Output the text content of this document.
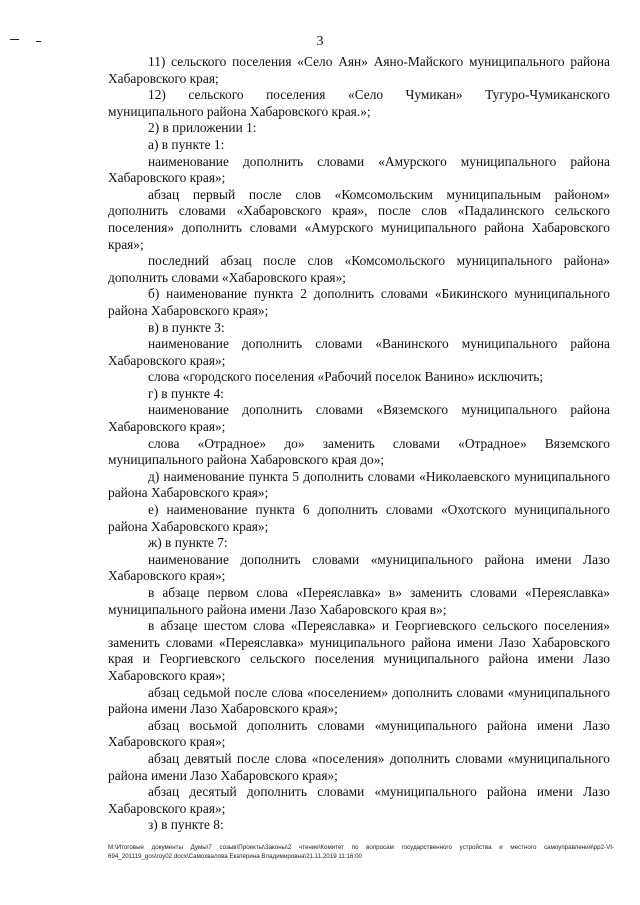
3

11) сельского поселения «Село Аян» Аяно-Майского муниципального района Хабаровского края;

12) сельского поселения «Село Чумикан» Тугуро-Чумиканского муниципального района Хабаровского края.»;

2) в приложении 1:

а) в пункте 1:

наименование дополнить словами «Амурского муниципального района Хабаровского края»;

абзац первый после слов «Комсомольским муниципальным районом» дополнить словами «Хабаровского края», после слов «Падалинского сельского поселения» дополнить словами «Амурского муниципального района Хабаровского края»;

последний абзац после слов «Комсомольского муниципального района» дополнить словами «Хабаровского края»;

б) наименование пункта 2 дополнить словами «Бикинского муниципального района Хабаровского края»;

в) в пункте 3:

наименование дополнить словами «Ванинского муниципального района Хабаровского края»;

слова «городского поселения «Рабочий поселок Ванино» исключить;

г) в пункте 4:

наименование дополнить словами «Вяземского муниципального района Хабаровского края»;

слова «Отрадное» до» заменить словами «Отрадное» Вяземского муниципального района Хабаровского края до»;

д) наименование пункта 5 дополнить словами «Николаевского муниципального района Хабаровского края»;

е) наименование пункта 6 дополнить словами «Охотского муниципального района Хабаровского края»;

ж) в пункте 7:

наименование дополнить словами «муниципального района имени Лазо Хабаровского края»;

в абзаце первом слова «Переяславка» в» заменить словами «Переяславка» муниципального района имени Лазо Хабаровского края в»;

в абзаце шестом слова «Переяславка» и Георгиевского сельского поселения» заменить словами «Переяславка» муниципального района имени Лазо Хабаровского края и Георгиевского сельского поселения муниципального района имени Лазо Хабаровского края»;

абзац седьмой после слова «поселением» дополнить словами «муниципального района имени Лазо Хабаровского края»;

абзац восьмой дополнить словами «муниципального района имени Лазо Хабаровского края»;

абзац девятый после слова «поселения» дополнить словами «муниципального района имени Лазо Хабаровского края»;

абзац десятый дополнить словами «муниципального района имени Лазо Хабаровского края»;

з) в пункте 8:

M:\Итоговые документы Думы\7 созыв\Проекты\Законы\2 чтение\Комитет по вопросам государственного устройства и местного самоуправления\рр2-VI-694_201119_gos\roy02.docx\Самохвалова Екатерина Владимировна\21.11.2019 11:16:00
